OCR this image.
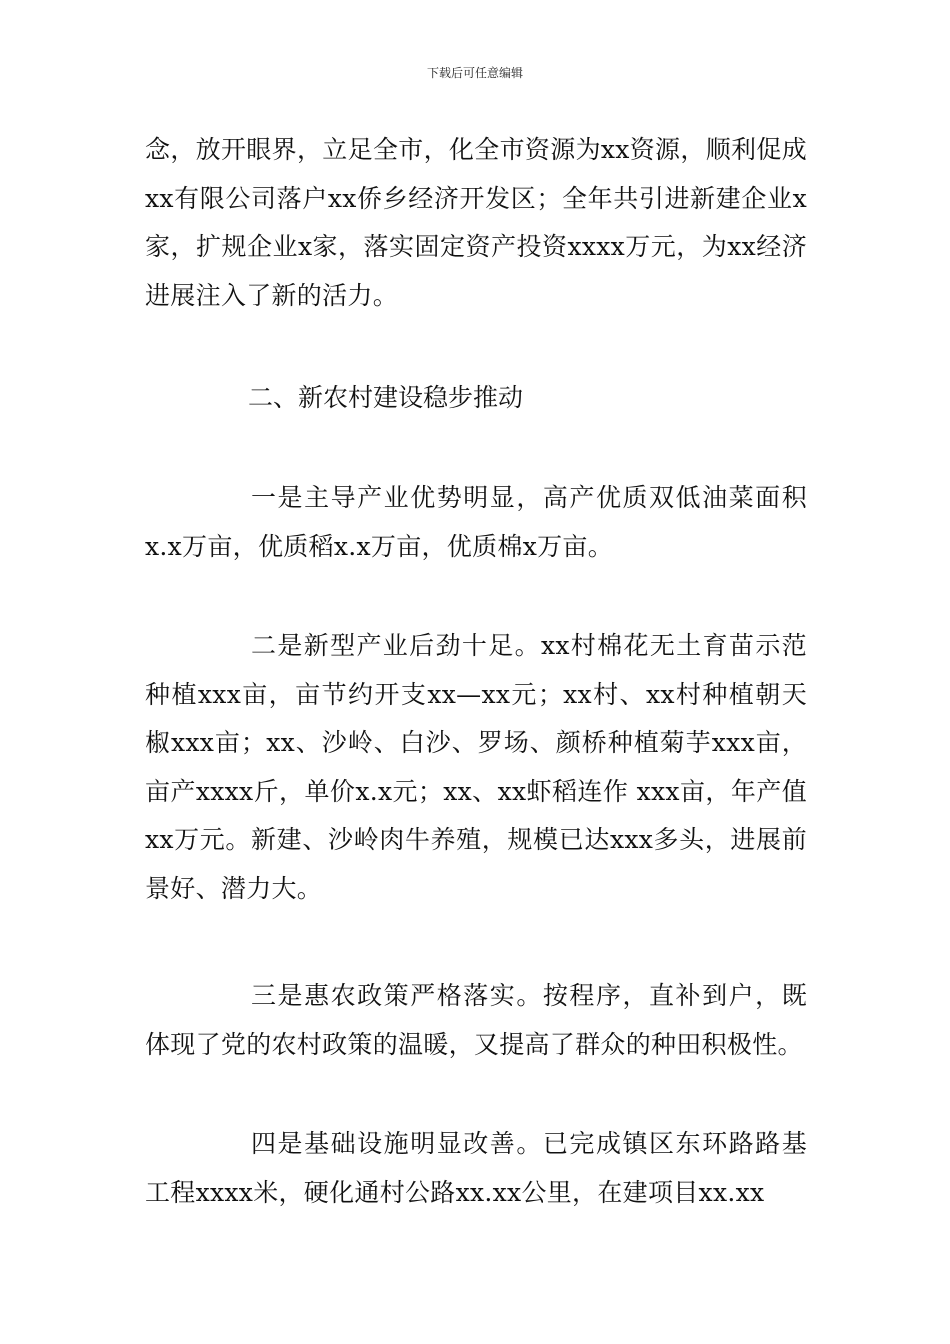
下载后可任意编辑
念，放开眼界，立足全市，化全市资源为xx资源，顺利促成xx有限公司落户xx侨乡经济开发区；全年共引进新建企业x家，扩规企业x家，落实固定资产投资xxxx万元，为xx经济进展注入了新的活力。
二、新农村建设稳步推动
一是主导产业优势明显，高产优质双低油菜面积x.x万亩，优质稻x.x万亩，优质棉x万亩。
二是新型产业后劲十足。xx村棉花无土育苗示范种植xxx亩，亩节约开支xx—xx元；xx村、xx村种植朝天椒xxx亩；xx、沙岭、白沙、罗场、颜桥种植菊芋xxx亩，亩产xxxx斤，单价x.x元；xx、xx虾稻连作 xxx亩，年产值xx万元。新建、沙岭肉牛养殖，规模已达xxx多头，进展前景好、潜力大。
三是惠农政策严格落实。按程序，直补到户，既体现了党的农村政策的温暖，又提高了群众的种田积极性。
四是基础设施明显改善。已完成镇区东环路路基工程xxxx米，硬化通村公路xx.xx公里，在建项目xx.xx
